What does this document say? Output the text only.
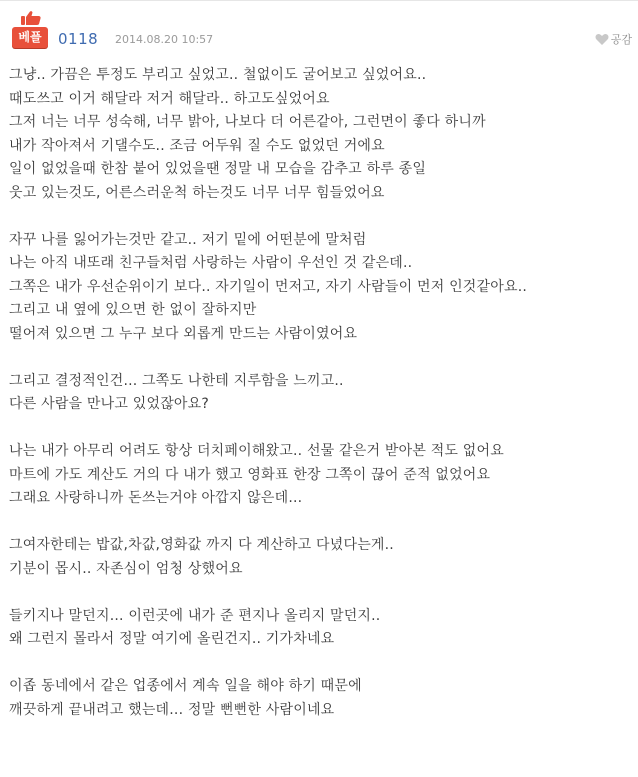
베플	0118 2014.08.20 10:57	공감
그냥.. 가끔은 투정도 부리고 싶었고.. 철없이도 굴어보고 싶었어요..
때도쓰고 이거 해달라 저거 해달라.. 하고도싶었어요
그저 너는 너무 성숙해, 너무 밝아, 나보다 더 어른같아, 그런면이 좋다 하니까
내가 작아져서 기댈수도.. 조금 어두워 질 수도 없었던 거에요
일이 없었을때 한참 붙어 있었을땐 정말 내 모습을 감추고 하루 종일
웃고 있는것도, 어른스러운척 하는것도 너무 너무 힘들었어요
자꾸 나를 잃어가는것만 같고.. 저기 밑에 어떤분에 말처럼
나는 아직 내또래 친구들처럼 사랑하는 사람이 우선인 것 같은데..
그쪽은 내가 우선순위이기 보다.. 자기일이 먼저고, 자기 사람들이 먼저 인것같아요..
그리고 내 옆에 있으면 한 없이 잘하지만
떨어져 있으면 그 누구 보다 외롭게 만드는 사람이였어요
그리고 결정적인건... 그쪽도 나한테 지루함을 느끼고..
다른 사람을 만나고 있었잖아요?
나는 내가 아무리 어려도 항상 더치페이해왔고.. 선물 같은거 받아본 적도 없어요
마트에 가도 계산도 거의 다 내가 했고 영화표 한장 그쪽이 끊어 준적 없었어요
그래요 사랑하니까 돈쓰는거야 아깝지 않은데...
그여자한테는 밥값,차값,영화값 까지 다 계산하고 다녔다는게..
기분이 몹시.. 자존심이 엄청 상했어요
들키지나 말던지... 이런곳에 내가 준 편지나 올리지 말던지..
왜 그런지 몰라서 정말 여기에 올린건지.. 기가차네요
이좁 동네에서 같은 업종에서 계속 일을 해야 하기 때문에
깨끗하게 끝내려고 했는데... 정말 뻔뻔한 사람이네요
